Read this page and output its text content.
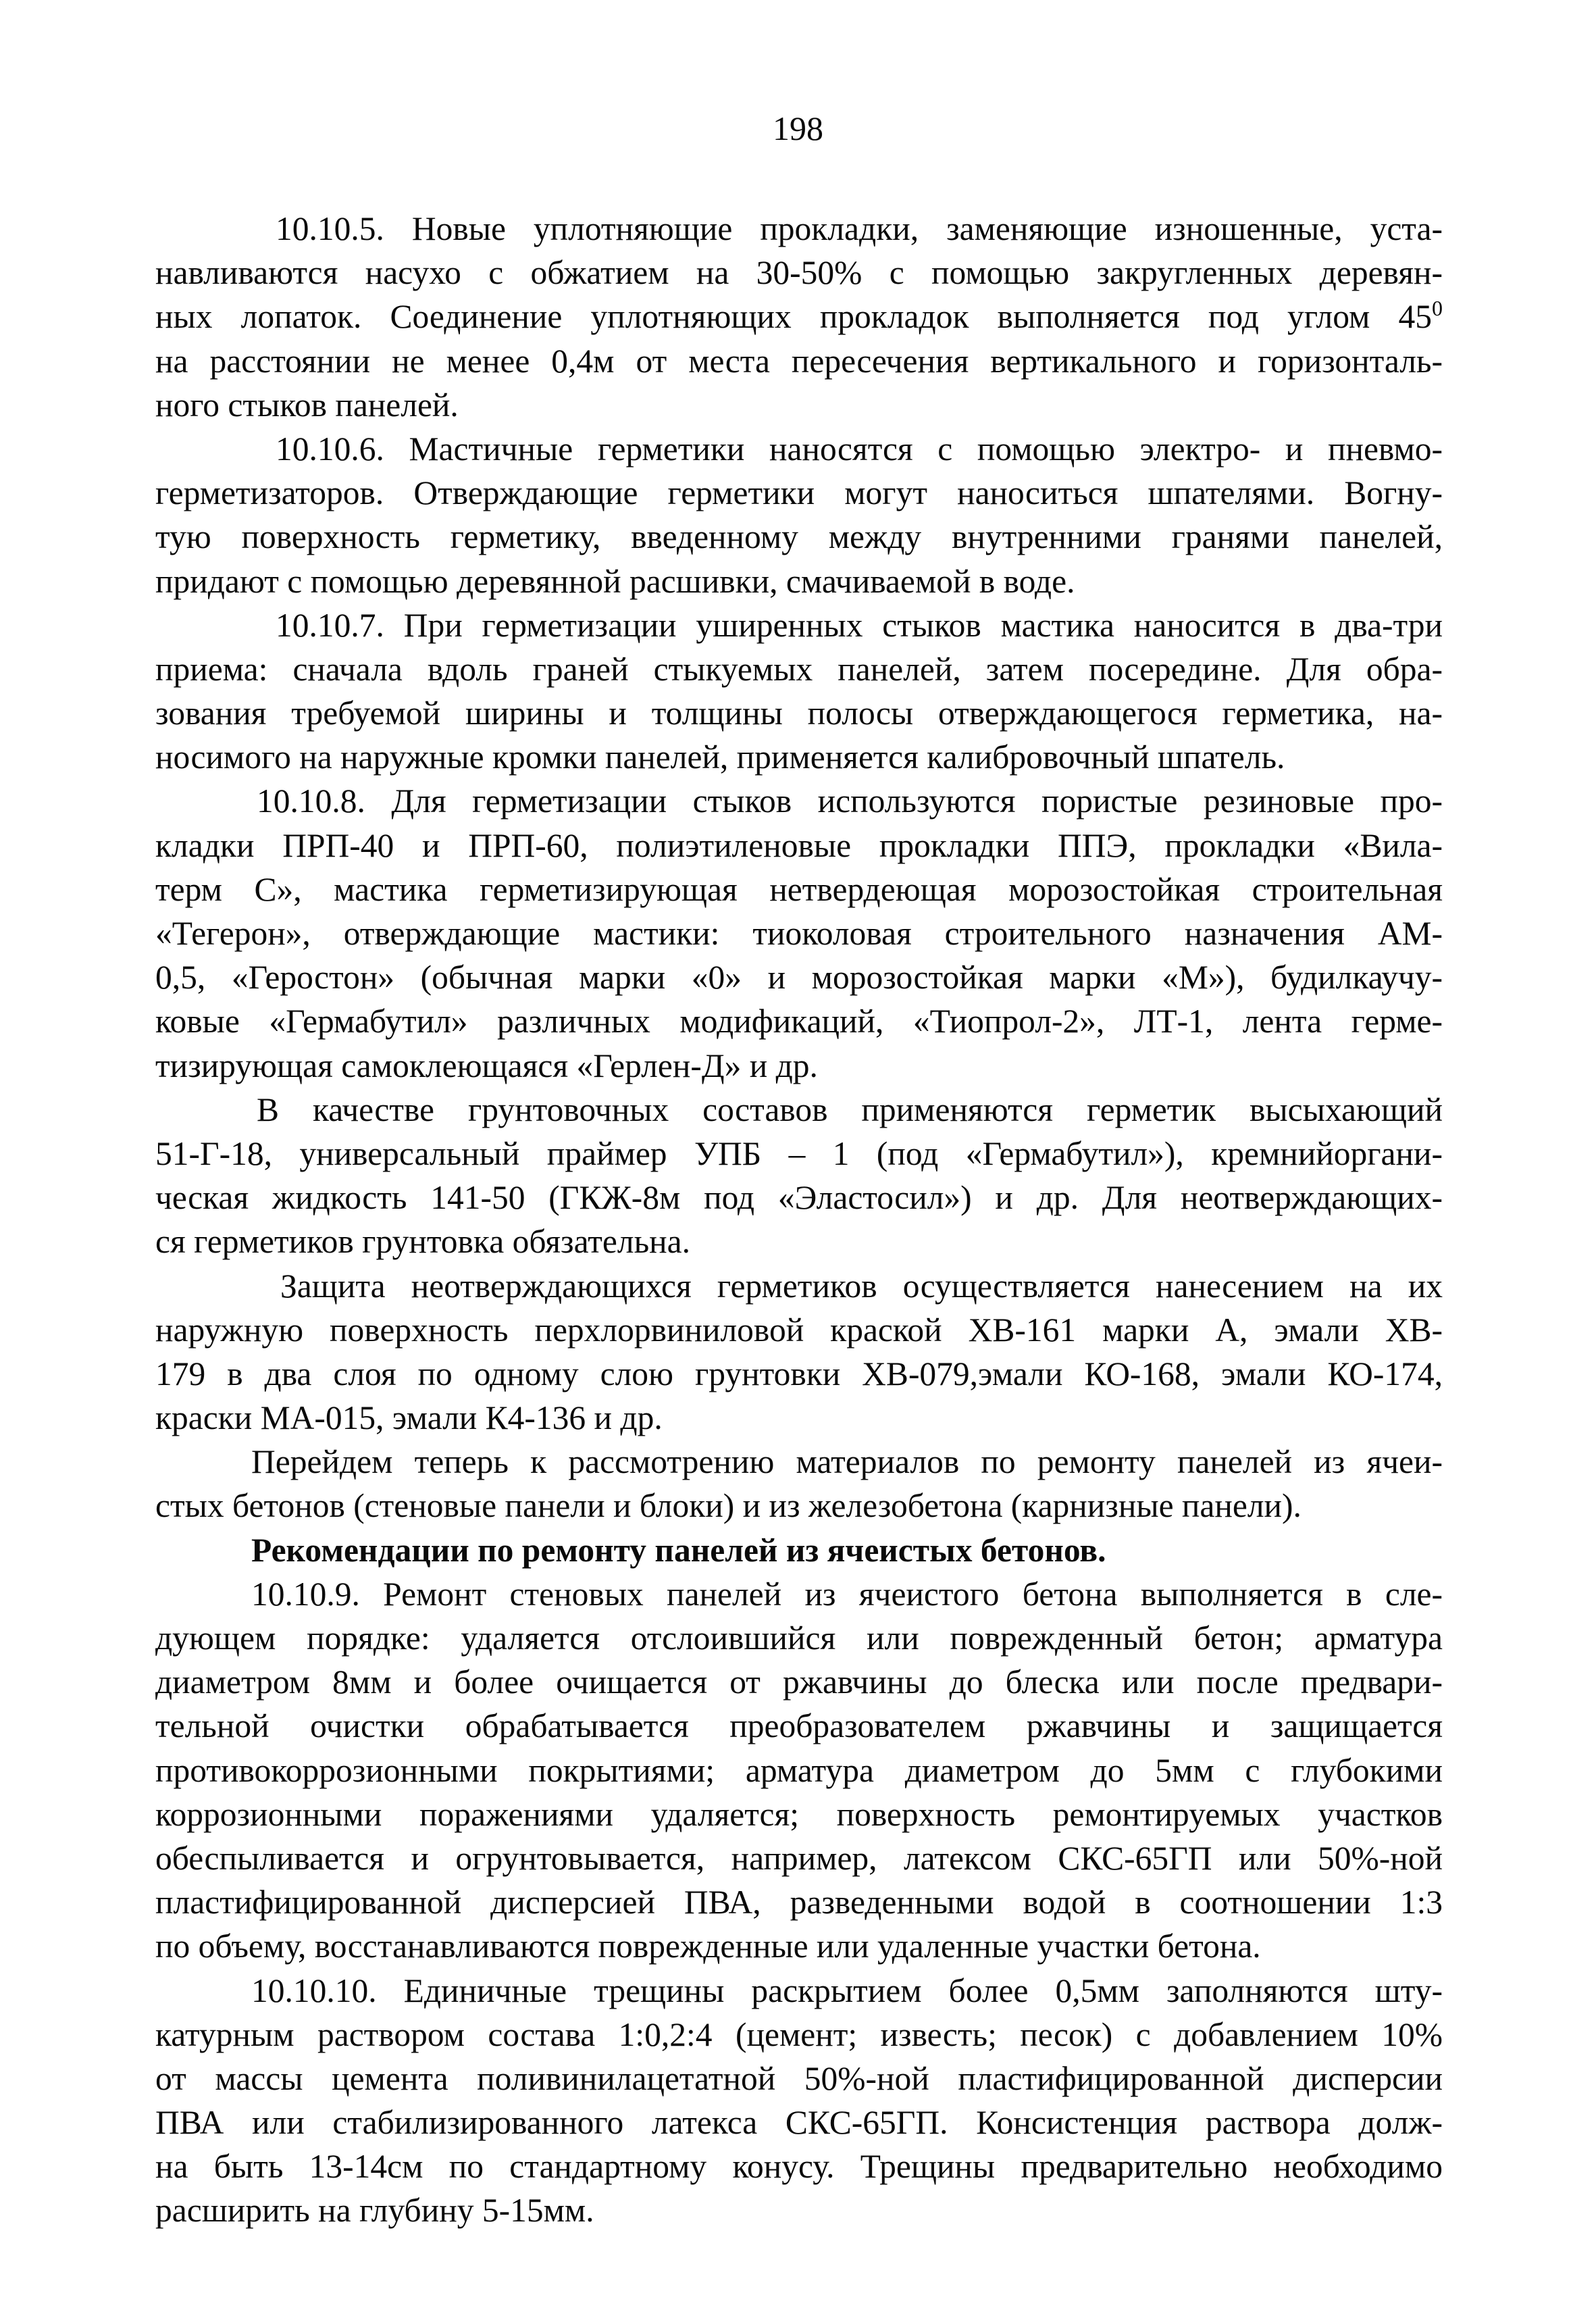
198
10.10.5. Новые уплотняющие прокладки, заменяющие изношенные, уста-
навливаются насухо с обжатием на 30-50% с помощью закругленных деревян-
ных лопаток. Соединение уплотняющих прокладок выполняется под углом $45^0$
на расстоянии не менее 0,4м от места пересечения вертикального и горизонталь-
ного стыков панелей.
10.10.6. Мастичные герметики наносятся с помощью электро- и пневмо-
герметизаторов. Отверждающие герметики могут наноситься шпателями. Вогну-
тую поверхность герметику, введенному между внутренними гранями панелей,
придают с помощью деревянной расшивки, смачиваемой в воде.
10.10.7. При герметизации уширенных стыков мастика наносится в два-три
приема: сначала вдоль граней стыкуемых панелей, затем посередине. Для обра-
зования требуемой ширины и толщины полосы отверждающегося герметика, на-
носимого на наружные кромки панелей, применяется калибровочный шпатель.
10.10.8. Для герметизации стыков используются пористые резиновые про-
кладки ПРП-40 и ПРП-60, полиэтиленовые прокладки ППЭ, прокладки «Вила-
терм С», мастика герметизирующая нетвердеющая морозостойкая строительная
«Тегерон», отверждающие мастики: тиоколовая строительного назначения АМ-
0,5, «Геростон» (обычная марки «0» и морозостойкая марки «М»), будилкаучу-
ковые «Гермабутил» различных модификаций, «Тиопрол-2», ЛТ-1, лента герме-
тизирующая самоклеющаяся «Герлен-Д» и др.
В качестве грунтовочных составов применяются герметик высыхающий
51-Г-18, универсальный праймер УПБ – 1 (под «Гермабутил»), кремнийоргани-
ческая жидкость 141-50 (ГКЖ-8м под «Эластосил») и др. Для неотверждающих-
ся герметиков грунтовка обязательна.
Защита неотверждающихся герметиков осуществляется нанесением на их
наружную поверхность перхлорвиниловой краской ХВ-161 марки А, эмали ХВ-
179 в два слоя по одному слою грунтовки ХВ-079,эмали КО-168, эмали КО-174,
краски МА-015, эмали К4-136 и др.
Перейдем теперь к рассмотрению материалов по ремонту панелей из ячеи-
стых бетонов (стеновые панели и блоки) и из железобетона (карнизные панели).
Рекомендации по ремонту панелей из ячеистых бетонов.
10.10.9. Ремонт стеновых панелей из ячеистого бетона выполняется в сле-
дующем порядке: удаляется отслоившийся или поврежденный бетон; арматура
диаметром 8мм и более очищается от ржавчины до блеска или после предвари-
тельной очистки обрабатывается преобразователем ржавчины и защищается
противокоррозионными покрытиями; арматура диаметром до 5мм с глубокими
коррозионными поражениями удаляется; поверхность ремонтируемых участков
обеспыливается и огрунтовывается, например, латексом СКС-65ГП или 50%-ной
пластифицированной дисперсией ПВА, разведенными водой в соотношении 1:3
по объему, восстанавливаются поврежденные или удаленные участки бетона.
10.10.10. Единичные трещины раскрытием более 0,5мм заполняются шту-
катурным раствором состава 1:0,2:4 (цемент; известь; песок) с добавлением 10%
от массы цемента поливинилацетатной 50%-ной пластифицированной дисперсии
ПВА или стабилизированного латекса СКС-65ГП. Консистенция раствора долж-
на быть 13-14см по стандартному конусу. Трещины предварительно необходимо
расширить на глубину 5-15мм.
